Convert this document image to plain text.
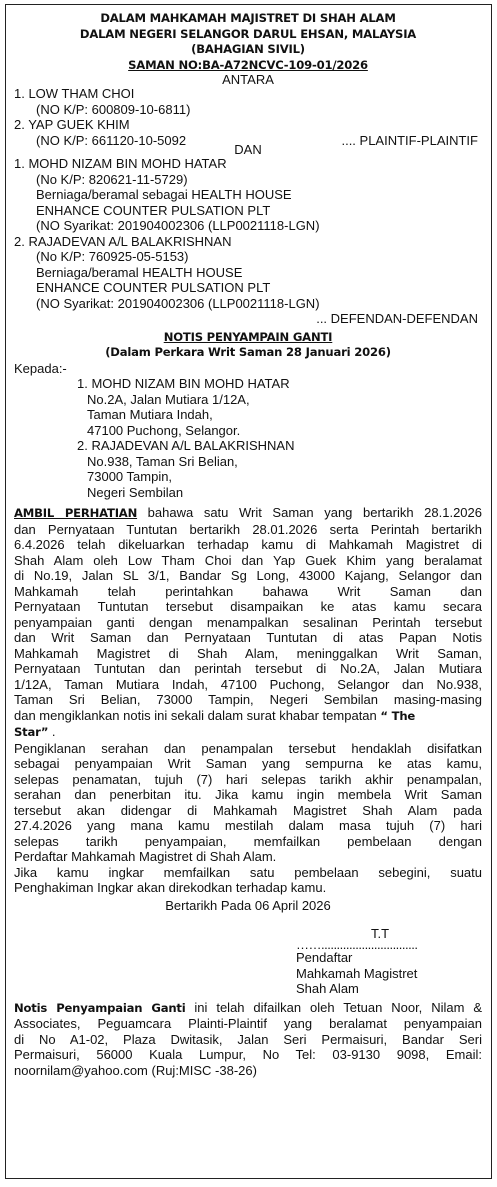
DALAM MAHKAMAH MAJISTRET DI SHAH ALAM
DALAM NEGERI SELANGOR DARUL EHSAN, MALAYSIA
(BAHAGIAN SIVIL)
SAMAN NO:BA-A72NCVC-109-01/2026
ANTARA
1. LOW THAM CHOI
(NO K/P: 600809-10-6811)
2. YAP GUEK KHIM
(NO K/P: 661120-10-5092	.... PLAINTIF-PLAINTIF
DAN
1. MOHD NIZAM BIN MOHD HATAR
(No K/P: 820621-11-5729)
Berniaga/beramal sebagai HEALTH HOUSE
ENHANCE COUNTER PULSATION PLT
(NO Syarikat: 201904002306 (LLP0021118-LGN)
2. RAJADEVAN A/L BALAKRISHNAN
(No K/P: 760925-05-5153)
Berniaga/beramal HEALTH HOUSE
ENHANCE COUNTER PULSATION PLT
(NO Syarikat: 201904002306 (LLP0021118-LGN)
... DEFENDAN-DEFENDAN
NOTIS PENYAMPAIN GANTI
(Dalam Perkara Writ Saman 28 Januari 2026)
Kepada:-
1. MOHD NIZAM BIN MOHD HATAR
No.2A, Jalan Mutiara 1/12A,
Taman Mutiara Indah,
47100 Puchong, Selangor.
2. RAJADEVAN A/L BALAKRISHNAN
No.938, Taman Sri Belian,
73000 Tampin,
Negeri Sembilan
AMBIL PERHATIAN bahawa satu Writ Saman yang bertarikh 28.1.2026
dan Pernyataan Tuntutan bertarikh 28.01.2026 serta Perintah bertarikh
6.4.2026 telah dikeluarkan terhadap kamu di Mahkamah Magistret di
Shah Alam oleh Low Tham Choi dan Yap Guek Khim yang beralamat
di No.19, Jalan SL 3/1, Bandar Sg Long, 43000 Kajang, Selangor dan
Mahkamah telah perintahkan bahawa Writ Saman dan
Pernyataan Tuntutan tersebut disampaikan ke atas kamu secara
penyampaian ganti dengan menampalkan sesalinan Perintah tersebut
dan Writ Saman dan Pernyataan Tuntutan di atas Papan Notis
Mahkamah Magistret di Shah Alam, meninggalkan Writ Saman,
Pernyataan Tuntutan dan perintah tersebut di No.2A, Jalan Mutiara
1/12A, Taman Mutiara Indah, 47100 Puchong, Selangor dan No.938,
Taman Sri Belian, 73000 Tampin, Negeri Sembilan masing-masing
dan mengiklankan notis ini sekali dalam surat khabar tempatan “ The
Star” .
Pengiklanan serahan dan penampalan tersebut hendaklah disifatkan
sebagai penyampaian Writ Saman yang sempurna ke atas kamu,
selepas penamatan, tujuh (7) hari selepas tarikh akhir penampalan,
serahan dan penerbitan itu. Jika kamu ingin membela Writ Saman
tersebut akan didengar di Mahkamah Magistret Shah Alam pada
27.4.2026 yang mana kamu mestilah dalam masa tujuh (7) hari
selepas tarikh penyampaian, memfailkan pembelaan dengan
Perdaftar Mahkamah Magistret di Shah Alam.
Jika kamu ingkar memfailkan satu pembelaan sebegini, suatu
Penghakiman Ingkar akan direkodkan terhadap kamu.
Bertarikh Pada 06 April 2026
T.T
……...............................
Pendaftar
Mahkamah Magistret
Shah Alam
Notis Penyampaian Ganti ini telah difailkan oleh Tetuan Noor, Nilam &
Associates, Peguamcara Plainti-Plaintif yang beralamat penyampaian
di No A1-02, Plaza Dwitasik, Jalan Seri Permaisuri, Bandar Seri
Permaisuri, 56000 Kuala Lumpur, No Tel: 03-9130 9098, Email:
noornilam@yahoo.com (Ruj:MISC -38-26)
